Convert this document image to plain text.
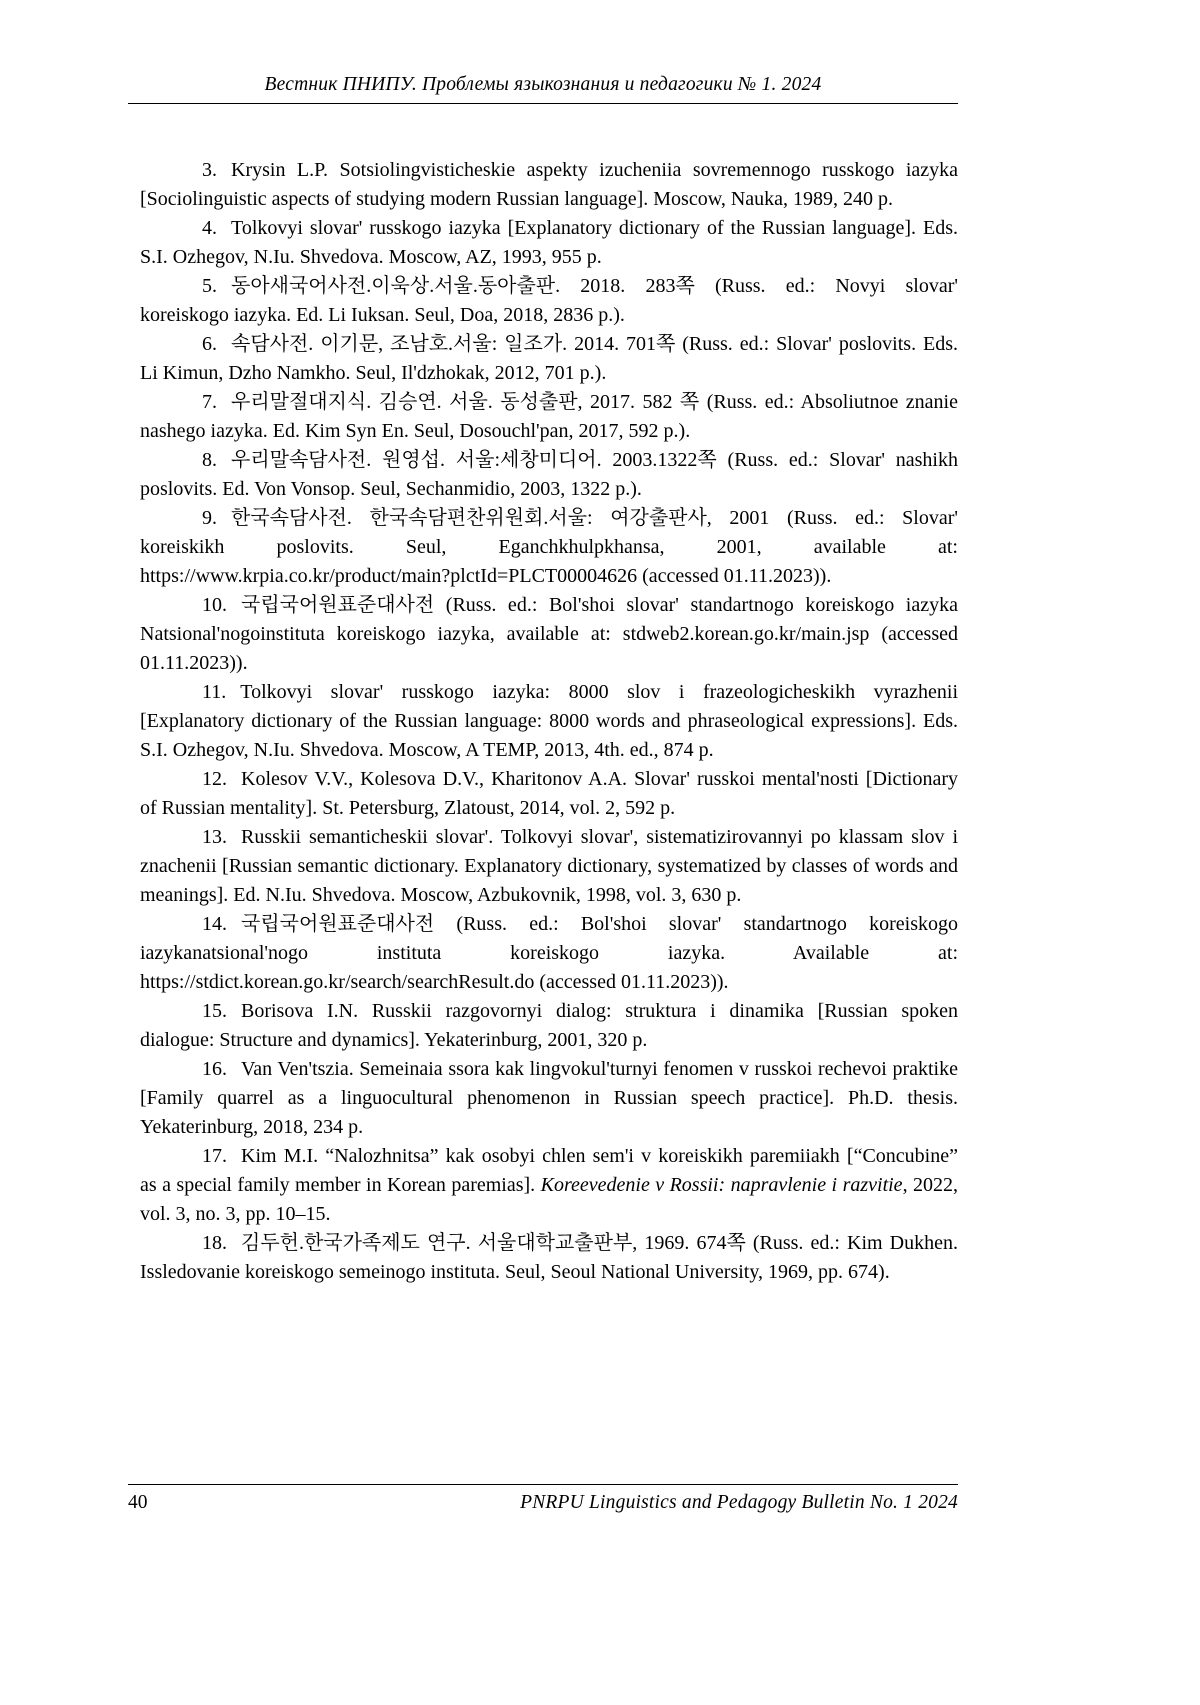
Вестник ПНИПУ. Проблемы языкознания и педагогики № 1. 2024

3. Krysin L.P. Sotsiolingvisticheskie aspekty izucheniia sovremennogo russkogo iazyka [Sociolinguistic aspects of studying modern Russian language]. Moscow, Nauka, 1989, 240 p.

4. Tolkovyi slovar' russkogo iazyka [Explanatory dictionary of the Russian language]. Eds. S.I. Ozhegov, N.Iu. Shvedova. Moscow, AZ, 1993, 955 p.

5. 동아새국어사전.이욱상.서울.동아출판. 2018. 283쪽 (Russ. ed.: Novyi slovar' koreiskogo iazyka. Ed. Li Iuksan. Seul, Doa, 2018, 2836 p.).

6. 속담사전. 이기문, 조남호.서울: 일조가. 2014. 701쪽 (Russ. ed.: Slovar' poslovits. Eds. Li Kimun, Dzho Namkho. Seul, Il'dzhokak, 2012, 701 p.).

7. 우리말절대지식. 김승연. 서울. 동성출판, 2017. 582 쪽 (Russ. ed.: Absoliutnoe znanie nashego iazyka. Ed. Kim Syn En. Seul, Dosouchl'pan, 2017, 592 p.).

8. 우리말속담사전. 원영섭. 서울:세창미디어. 2003.1322쪽 (Russ. ed.: Slovar' nashikh poslovits. Ed. Von Vonsop. Seul, Sechanmidio, 2003, 1322 p.).

9. 한국속담사전. 한국속담편찬위원회.서울: 여강출판사, 2001 (Russ. ed.: Slovar' koreiskikh poslovits. Seul, Eganchkhulpkhansa, 2001, available at: https://www.krpia.co.kr/product/main?plctId=PLCT00004626 (accessed 01.11.2023)).

10. 국립국어원표준대사전 (Russ. ed.: Bol'shoi slovar' standartnogo koreiskogo iazyka Natsional'nogoinstituta koreiskogo iazyka, available at: stdweb2.korean.go.kr/main.jsp (accessed 01.11.2023)).

11. Tolkovyi slovar' russkogo iazyka: 8000 slov i frazeologicheskikh vyrazhenii [Explanatory dictionary of the Russian language: 8000 words and phraseological expressions]. Eds. S.I. Ozhegov, N.Iu. Shvedova. Moscow, A TEMP, 2013, 4th. ed., 874 p.

12. Kolesov V.V., Kolesova D.V., Kharitonov A.A. Slovar' russkoi mental'nosti [Dictionary of Russian mentality]. St. Petersburg, Zlatoust, 2014, vol. 2, 592 p.

13. Russkii semanticheskii slovar'. Tolkovyi slovar', sistematizirovannyi po klassam slov i znachenii [Russian semantic dictionary. Explanatory dictionary, systematized by classes of words and meanings]. Ed. N.Iu. Shvedova. Moscow, Azbukovnik, 1998, vol. 3, 630 p.

14. 국립국어원표준대사전 (Russ. ed.: Bol'shoi slovar' standartnogo koreiskogo iazykanatsional'nogo instituta koreiskogo iazyka. Available at: https://stdict.korean.go.kr/search/searchResult.do (accessed 01.11.2023)).

15. Borisova I.N. Russkii razgovornyi dialog: struktura i dinamika [Russian spoken dialogue: Structure and dynamics]. Yekaterinburg, 2001, 320 p.

16. Van Ven'tszia. Semeinaia ssora kak lingvokul'turnyi fenomen v russkoi rechevoi praktike [Family quarrel as a linguocultural phenomenon in Russian speech practice]. Ph.D. thesis. Yekaterinburg, 2018, 234 p.

17. Kim M.I. “Nalozhnitsa” kak osobyi chlen sem'i v koreiskikh paremiiakh [“Concubine” as a special family member in Korean paremias]. Koreevedenie v Rossii: napravlenie i razvitie, 2022, vol. 3, no. 3, pp. 10–15.

18. 김두헌.한국가족제도 연구. 서울대학교출판부, 1969. 674쪽 (Russ. ed.: Kim Dukhen. Issledovanie koreiskogo semeinogo instituta. Seul, Seoul National University, 1969, pp. 674).

40	PNRPU Linguistics and Pedagogy Bulletin No. 1 2024
